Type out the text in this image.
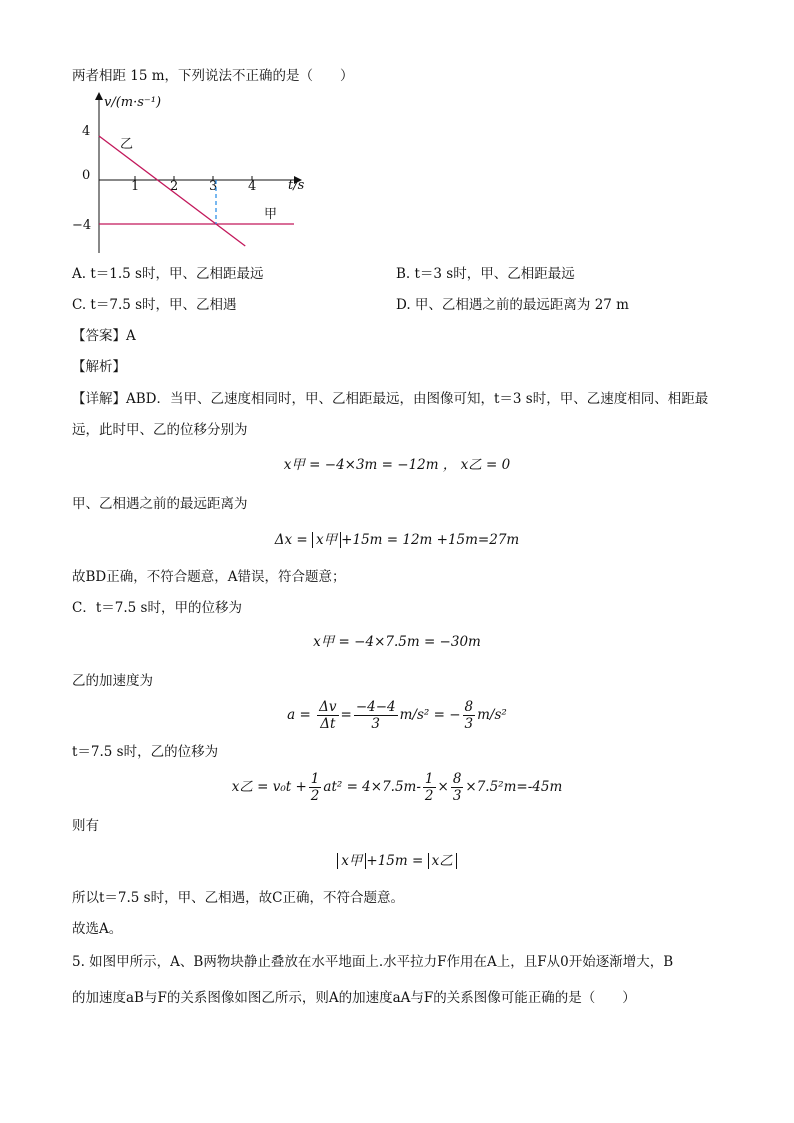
两者相距 15 m，下列说法不正确的是（　　）
v/(m·s⁻¹)
t/s
4
0
−4
1 2 3 4
乙
甲
A. t＝1.5 s时，甲、乙相距最远	B. t＝3 s时，甲、乙相距最远
C. t＝7.5 s时，甲、乙相遇	D. 甲、乙相遇之前的最远距离为 27 m
【答案】A
【解析】
【详解】ABD．当甲、乙速度相同时，甲、乙相距最远，由图像可知，t＝3 s时，甲、乙速度相同、相距最
远，此时甲、乙的位移分别为
x甲 = −4×3m = −12m ， x乙 = 0
甲、乙相遇之前的最远距离为
Δx = x甲 +15m = 12m +15m=27m
故BD正确，不符合题意，A错误，符合题意；
C．t＝7.5 s时，甲的位移为
x甲 = −4×7.5m = −30m
乙的加速度为
$a = \frac{\Delta v}{\Delta t} = \frac{-4-4}{3} m/s^2$ = − $\frac{8}{3} m/s^2$
t＝7.5 s时，乙的位移为
x乙 = $v_0t + \frac{1}{2} at^2 = 4\times 7.5m- \frac{1}{2} \times \frac{8}{3} \times 7.5^2m=-45m$
则有
x甲 +15m = x乙
所以t＝7.5 s时，甲、乙相遇，故C正确，不符合题意。
故选A。
5. 如图甲所示，A、B两物块静止叠放在水平地面上.水平拉力F作用在A上，且F从0开始逐渐增大，B
的加速度aB与F的关系图像如图乙所示，则A的加速度aA与F的关系图像可能正确的是（　　）
